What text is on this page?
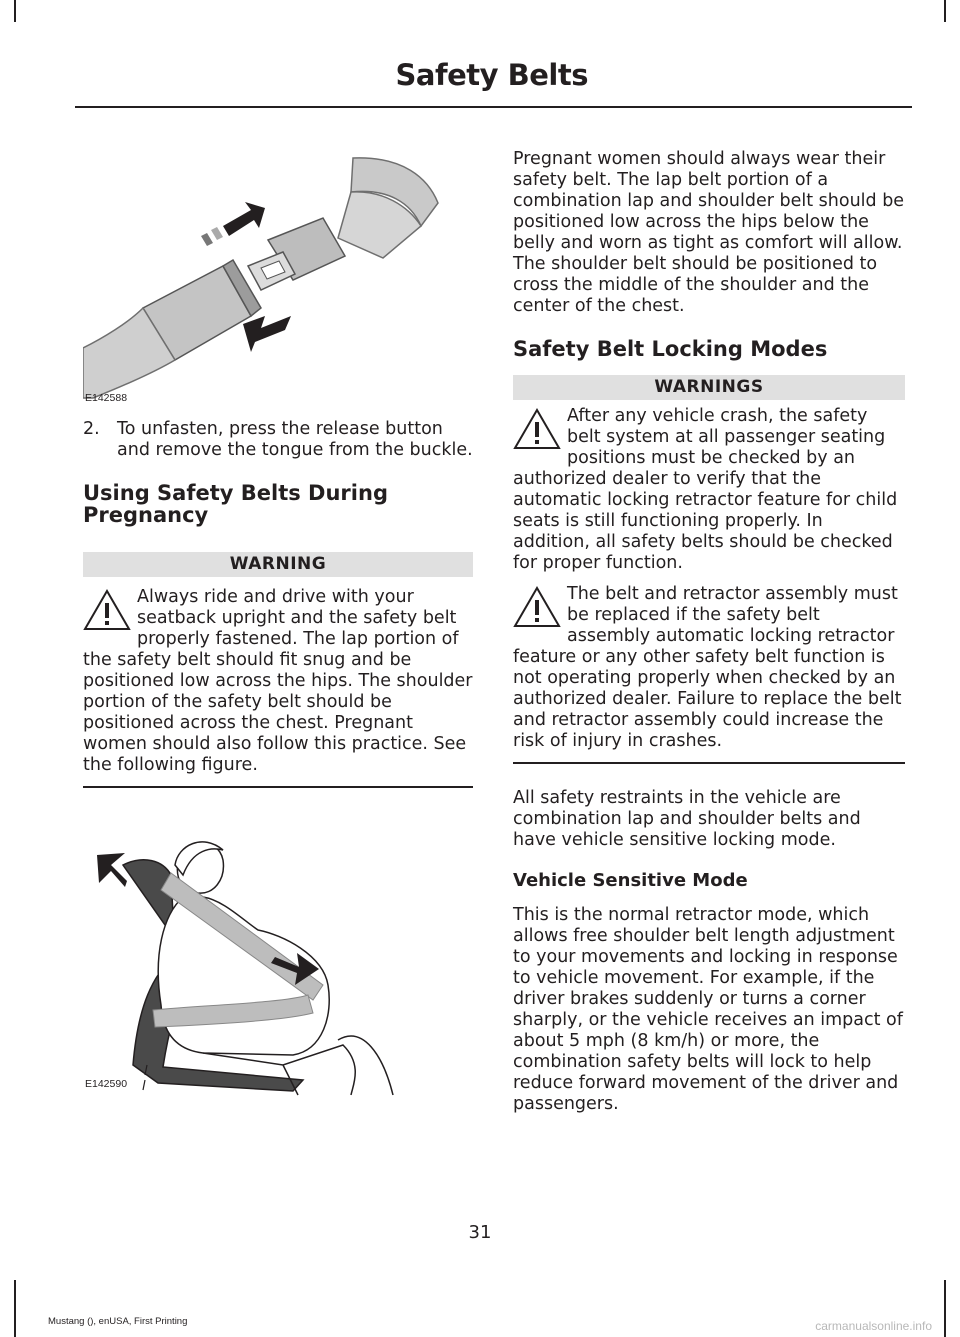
Safety Belts
E142588

2. To unfasten, press the release button and remove the tongue from the buckle.

Using Safety Belts During Pregnancy
WARNING

Always ride and drive with your seatback upright and the safety belt properly fastened. The lap portion of the safety belt should fit snug and be positioned low across the hips. The shoulder portion of the safety belt should be positioned across the chest. Pregnant women should also follow this practice. See the following figure.

E142590

Pregnant women should always wear their safety belt. The lap belt portion of a combination lap and shoulder belt should be positioned low across the hips below the belly and worn as tight as comfort will allow. The shoulder belt should be positioned to cross the middle of the shoulder and the center of the chest.

Safety Belt Locking Modes
WARNINGS

After any vehicle crash, the safety belt system at all passenger seating positions must be checked by an authorized dealer to verify that the automatic locking retractor feature for child seats is still functioning properly. In addition, all safety belts should be checked for proper function.

The belt and retractor assembly must be replaced if the safety belt assembly automatic locking retractor feature or any other safety belt function is not operating properly when checked by an authorized dealer. Failure to replace the belt and retractor assembly could increase the risk of injury in crashes.

All safety restraints in the vehicle are combination lap and shoulder belts and have vehicle sensitive locking mode.

Vehicle Sensitive Mode

This is the normal retractor mode, which allows free shoulder belt length adjustment to your movements and locking in response to vehicle movement. For example, if the driver brakes suddenly or turns a corner sharply, or the vehicle receives an impact of about 5 mph (8 km/h) or more, the combination safety belts will lock to help reduce forward movement of the driver and passengers.

31
Mustang (), enUSA, First Printing	carmanualsonline.info
